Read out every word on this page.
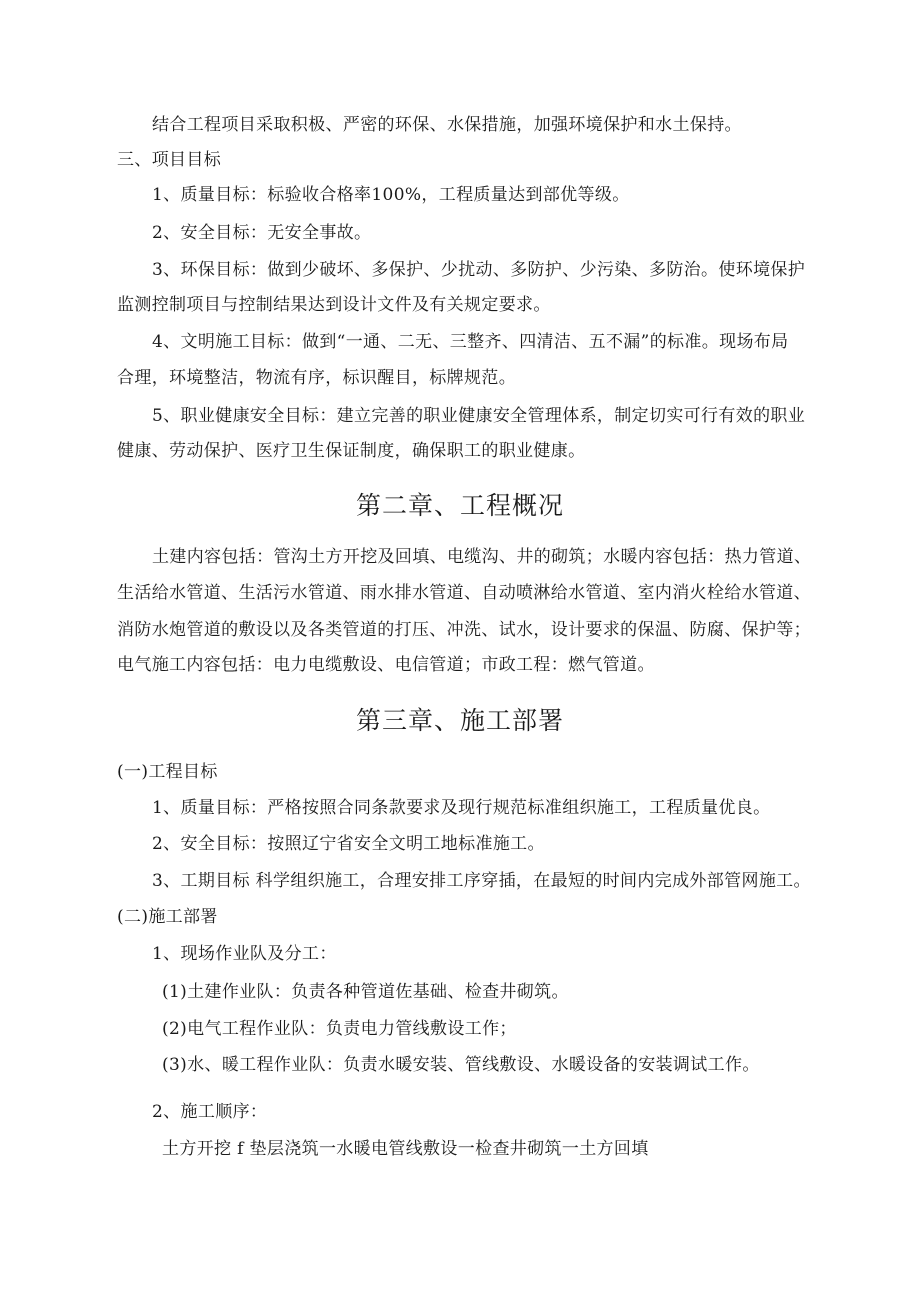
结合工程项目采取积极、严密的环保、水保措施，加强环境保护和水土保持。
三、项目目标
1、质量目标：标验收合格率100%，工程质量达到部优等级。
2、安全目标：无安全事故。
3、环保目标：做到少破坏、多保护、少扰动、多防护、少污染、多防治。使环境保护
监测控制项目与控制结果达到设计文件及有关规定要求。
4、文明施工目标：做到“一通、二无、三整齐、四清洁、五不漏”的标准。现场布局
合理，环境整洁，物流有序，标识醒目，标牌规范。
5、职业健康安全目标：建立完善的职业健康安全管理体系，制定切实可行有效的职业
健康、劳动保护、医疗卫生保证制度，确保职工的职业健康。
第二章、工程概况
土建内容包括：管沟土方开挖及回填、电缆沟、井的砌筑；水暖内容包括：热力管道、
生活给水管道、生活污水管道、雨水排水管道、自动喷淋给水管道、室内消火栓给水管道、
消防水炮管道的敷设以及各类管道的打压、冲洗、试水，设计要求的保温、防腐、保护等；
电气施工内容包括：电力电缆敷设、电信管道；市政工程：燃气管道。
第三章、施工部署
(一)工程目标
1、质量目标：严格按照合同条款要求及现行规范标准组织施工，工程质量优良。
2、安全目标：按照辽宁省安全文明工地标准施工。
3、工期目标 科学组织施工，合理安排工序穿插，在最短的时间内完成外部管网施工。
(二)施工部署
1、现场作业队及分工：
(1)土建作业队：负责各种管道佐基础、检查井砌筑。
(2)电气工程作业队：负责电力管线敷设工作；
(3)水、暖工程作业队：负责水暖安装、管线敷设、水暖设备的安装调试工作。
2、施工顺序：
土方开挖 f 垫层浇筑一水暖电管线敷设一检查井砌筑一土方回填
